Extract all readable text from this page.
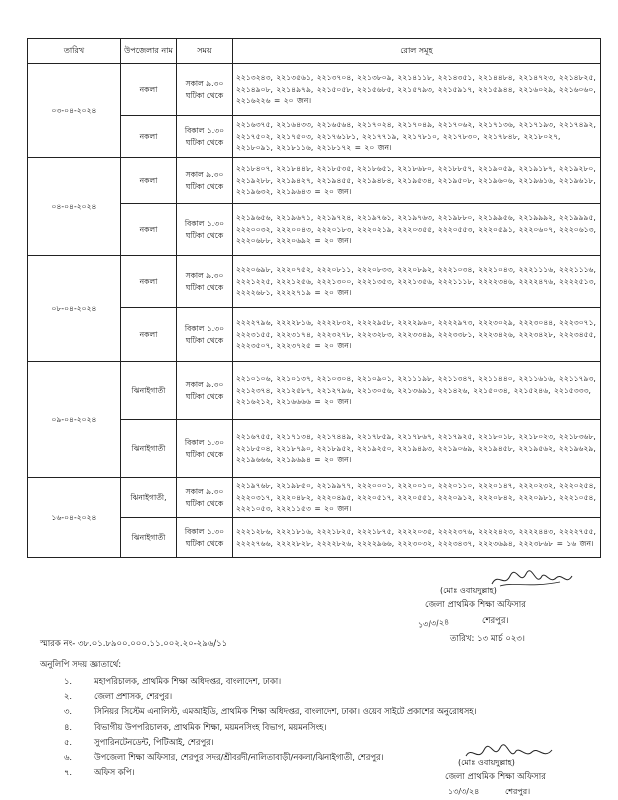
তারিখ	উপজেলার নাম	সময়	রোল সমূহ
০৩-০৪-২০২৪	নকলা	সকাল ৯.৩০ ঘটিকা থেকে	২২১৩২৪৩, ২২১৩৫৬১, ২২১৩৭০৪, ২২১৩৮০৯, ২২১৪১১৮, ২২১৪৩৫১, ২২১৪৪৮৪, ২২১৪৭২৩, ২২১৪৮২৫, ২২১৪৯০৮, ২২১৪৯৭৯, ২২১৫০৫৮, ২২১৫৬৮৫, ২২১৫৭৯৩, ২২১৫৯১৭, ২২১৫৯৪৪, ২২১৬০২৯, ২২১৬০৬০, ২২১৬২২৬ = ২০ জন।
	নকলা	বিকাল ১.৩০ ঘটিকা থেকে	২২১৬৩৭৫, ২২১৬৪৩৩, ২২১৬৫৬৪, ২২১৭০২৪, ২২১৭০৪৯, ২২১৭০৬২, ২২১৭১৩৬, ২২১৭১৯৩, ২২১৭৪৯২, ২২১৭৫০২, ২২১৭৫০৩, ২২১৭৬১৮১, ২২১৭৭১৯, ২২১৭৮১০, ২২১৭৮৩০, ২২১৭৮৪৮, ২২১৮০২৭, ২২১৮০৯১, ২২১৮১১৬, ২২১৮১৭২ = ২০ জন।
০৪-০৪-২০২৪	নকলা	সকাল ৯.৩০ ঘটিকা থেকে	২২১৮৪০৭, ২২১৮৪৪৮, ২২১৮৫৩৫, ২২১৮৬৫১, ২২১৮৬৮০, ২২১৮৮৫৭, ২২১৯০৫৯, ২২১৯১৮৭, ২২১৯২৮০, ২২১৯২৮৮, ২২১৯৪২৭, ২২১৯৪৫৫, ২২১৯৪৮৪, ২২১৯৫৩৪, ২২১৯৫০৮, ২২১৯৬০৬, ২২১৯৬১৬, ২২১৯৬১৮, ২২১৯৬৩২, ২২১৯৬৪৩ = ২০ জন।
	নকলা	বিকাল ১.৩০ ঘটিকা থেকে	২২১৯৬৫৬, ২২১৯৬৭১, ২২১৯৭২৪, ২২১৯৭৬১, ২২১৯৭৬৩, ২২১৯৮৮০, ২২১৯৯৫৬, ২২১৯৯৯২, ২২১৯৯৯৫, ২২২০০৩২, ২২২০০৪৩, ২২২০১৮৩, ২২২০২১৯, ২২২০৩৫৫, ২২২০৫৫৩, ২২২০৫৯১, ২২২০৬০৭, ২২২০৬১৩, ২২২০৬৮৮, ২২২০৬৯২ = ২০ জন।
০৮-০৪-২০২৪	নকলা	সকাল ৯.৩০ ঘটিকা থেকে	২২২০৬৯৮, ২২২০৭৫২, ২২২০৮১১, ২২২০৮৩৩, ২২২০৮৯২, ২২২১০৩৪, ২২২১০৪৩, ২২২১১১৬, ২২২১১১৬, ২২২১২২৫, ২২২১২৫৬, ২২২১৩০০, ২২২১৩৫৩, ২২২১৩৫৬, ২২২১১১৮, ২২২২৩৪৬, ২২২২৪৭৬, ২২২২৫১৩, ২২২২৬৮১, ২২২২৭১৯ = ২০ জন।
	নকলা	বিকাল ১.৩০ ঘটিকা থেকে	২২২২৭৯৬, ২২২২৮১৬, ২২২২৮৩২, ২২২২৯৫৮, ২২২২৯৬০, ২২২২৯৭৩, ২২২৩০২৯, ২২২৩০৪৪, ২২২৩০৭১, ২২২৩১৫৫, ২২২৩১৭৪, ২২২৩২৭৮, ২২২৩২৮৩, ২২২৩৩৪৯, ২২২৩৩৮১, ২২২৩৪২৬, ২২২৩৪২৮, ২২২৩৪৫৫, ২২২৩৫০৭, ২২২৩৭২৫ = ২০ জন।
০৯-০৪-২০২৪	ঝিনাইগাতী	সকাল ৯.৩০ ঘটিকা থেকে	২২১০১০৬, ২২১০১৩৭, ২২১০৩০৪, ২২১০৯০১, ২২১১১৯৮, ২২১১৩৪৭, ২২১১৪৪০, ২২১১৬১৬, ২২১১৭৯৩, ২২১২৩৭৪, ২২১২৫৮৭, ২২১২৭৯৬, ২২১৩০৫৬, ২২১৩৬৯১, ২২১৪২৬, ২২১৫০৩৪, ২২১৫২৪৬, ২২১৫৩৩৩, ২২১৬২১২, ২২১৬৬৬৬ = ২০ জন।
	ঝিনাইগাতী	বিকাল ১.৩০ ঘটিকা থেকে	২২১৬৭৫৫, ২২১৭১৩৪, ২২১৭৪৪৯, ২২১৭৮৫৯, ২২১৭৮৬৭, ২২১৭৯২৫, ২২১৮০১৮, ২২১৮০২৩, ২২১৮৩৬৮, ২২১৮৫০৪, ২২১৮৭৯০, ২২১৮৯৫২, ২২১৯২৫০, ২২১৯৪৯৩, ২২১৯০৬৯, ২২১৯৪৫৮, ২২১৯৫৬২, ২২১৯৬২৯, ২২১৯৬৬৬, ২২১৯৬৯৪ = ২০ জন।
১৬-০৪-২০২৪	ঝিনাইগাতী,	সকাল ৯.৩০ ঘটিকা থেকে	২২১৯৭৬৮, ২২১৯৮৫০, ২২১৯৯৭৭, ২২২০০০১, ২২২০০১০, ২২২০১১০, ২২২০১৪৭, ২২২০২৩২, ২২২০২৫৪, ২২২০৩১৭, ২২২০৪৮২, ২২২০৪৯৫, ২২২০৫১৭, ২২২০৫৫১, ২২২০৯১২, ২২২০৮৪২, ২২২০৯৮১, ২২২১০৫৪, ২২২১০৫৩, ২২২১১৫৩ = ২০ জন।
	ঝিনাইগাতী	বিকাল ১.৩০ ঘটিকা থেকে	২২২১২৮৬, ২২২১৮১৬, ২২২১৮২৫, ২২২১৮৭৫, ২২২২০৩৫, ২২২২৩৭৬, ২২২২৪২৩, ২২২২৪৪৩, ২২২২৭৫৫, ২২২২৭৬৬, ২২২২৮২৮, ২২২২৮২৬, ২২২২৯৬৬, ২২২৩০৩২, ২২২৩৪৩৭, ২২২৩৬৯৪, ২২২৩৮৬৮ = ১৬ জন।
(মোঃ ওবায়দুল্লাহ)
জেলা প্রাথমিক শিক্ষা অফিসার
১৩/৩/২৪	শেরপুর।
তারিখ: ১৩ মার্চ ০২৩।
স্মারক নং- ৩৮.০১.৮৯০০.০০০.১১.০০২.২০-২৯৬/১১
অনুলিপি সদয় জ্ঞাতার্থে:
১.	মহাপরিচালক, প্রাথমিক শিক্ষা অধিদপ্তর, বাংলাদেশ, ঢাকা।
২.	জেলা প্রশাসক, শেরপুর।
৩.	সিনিয়র সিস্টেম এনালিস্ট, এমআইডি, প্রাথমিক শিক্ষা অধিদপ্তর, বাংলাদেশ, ঢাকা। ওয়েব সাইটে প্রকাশের অনুরোধসহ।
৪.	বিভাগীয় উপপরিচালক, প্রাথমিক শিক্ষা, ময়মনসিংহ বিভাগ, ময়মনসিংহ।
৫.	সুপারিনটেনডেন্ট, পিটিআই, শেরপুর।
৬.	উপজেলা শিক্ষা অফিসার, শেরপুর সদর/শ্রীবরদী/নালিতাবাড়ী/নকলা/ঝিনাইগাতী, শেরপুর।
৭.	অফিস কপি।
(মোঃ ওবায়দুল্লাহ)
জেলা প্রাথমিক শিক্ষা অফিসার
১৩/৩/২৪	শেরপুর।
